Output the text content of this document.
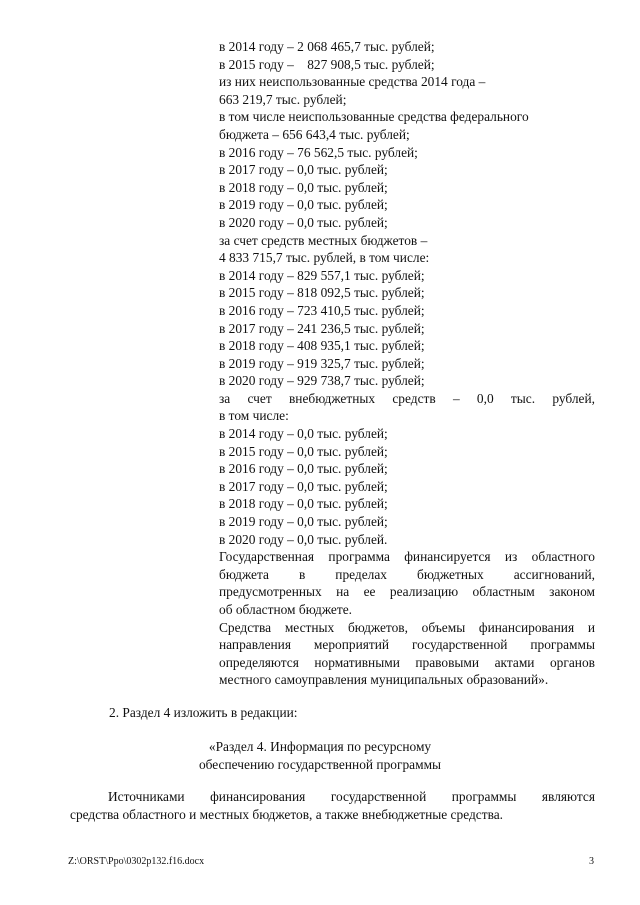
в 2014 году – 2 068 465,7 тыс. рублей;
в 2015 году –    827 908,5 тыс. рублей;
из них неиспользованные средства 2014 года –
663 219,7 тыс. рублей;
в том числе неиспользованные средства федерального
бюджета – 656 643,4 тыс. рублей;
в 2016 году – 76 562,5 тыс. рублей;
в 2017 году – 0,0 тыс. рублей;
в 2018 году – 0,0 тыс. рублей;
в 2019 году – 0,0 тыс. рублей;
в 2020 году – 0,0 тыс. рублей;
за счет средств местных бюджетов –
4 833 715,7 тыс. рублей, в том числе:
в 2014 году – 829 557,1 тыс. рублей;
в 2015 году – 818 092,5 тыс. рублей;
в 2016 году – 723 410,5 тыс. рублей;
в 2017 году – 241 236,5 тыс. рублей;
в 2018 году – 408 935,1 тыс. рублей;
в 2019 году – 919 325,7 тыс. рублей;
в 2020 году – 929 738,7 тыс. рублей;
за счет внебюджетных средств – 0,0 тыс. рублей,
в том числе:
в 2014 году – 0,0 тыс. рублей;
в 2015 году – 0,0 тыс. рублей;
в 2016 году – 0,0 тыс. рублей;
в 2017 году – 0,0 тыс. рублей;
в 2018 году – 0,0 тыс. рублей;
в 2019 году – 0,0 тыс. рублей;
в 2020 году – 0,0 тыс. рублей.
Государственная программа финансируется из областного
бюджета в пределах бюджетных ассигнований,
предусмотренных на ее реализацию областным законом
об областном бюджете.
Средства местных бюджетов, объемы финансирования и
направления мероприятий государственной программы
определяются нормативными правовыми актами органов
местного самоуправления муниципальных образований».
2. Раздел 4 изложить в редакции:
«Раздел 4. Информация по ресурсному
обеспечению государственной программы
Источниками финансирования государственной программы являются
средства областного и местных бюджетов, а также внебюджетные средства.
Z:\ORST\Ppo\0302p132.f16.docx	3
